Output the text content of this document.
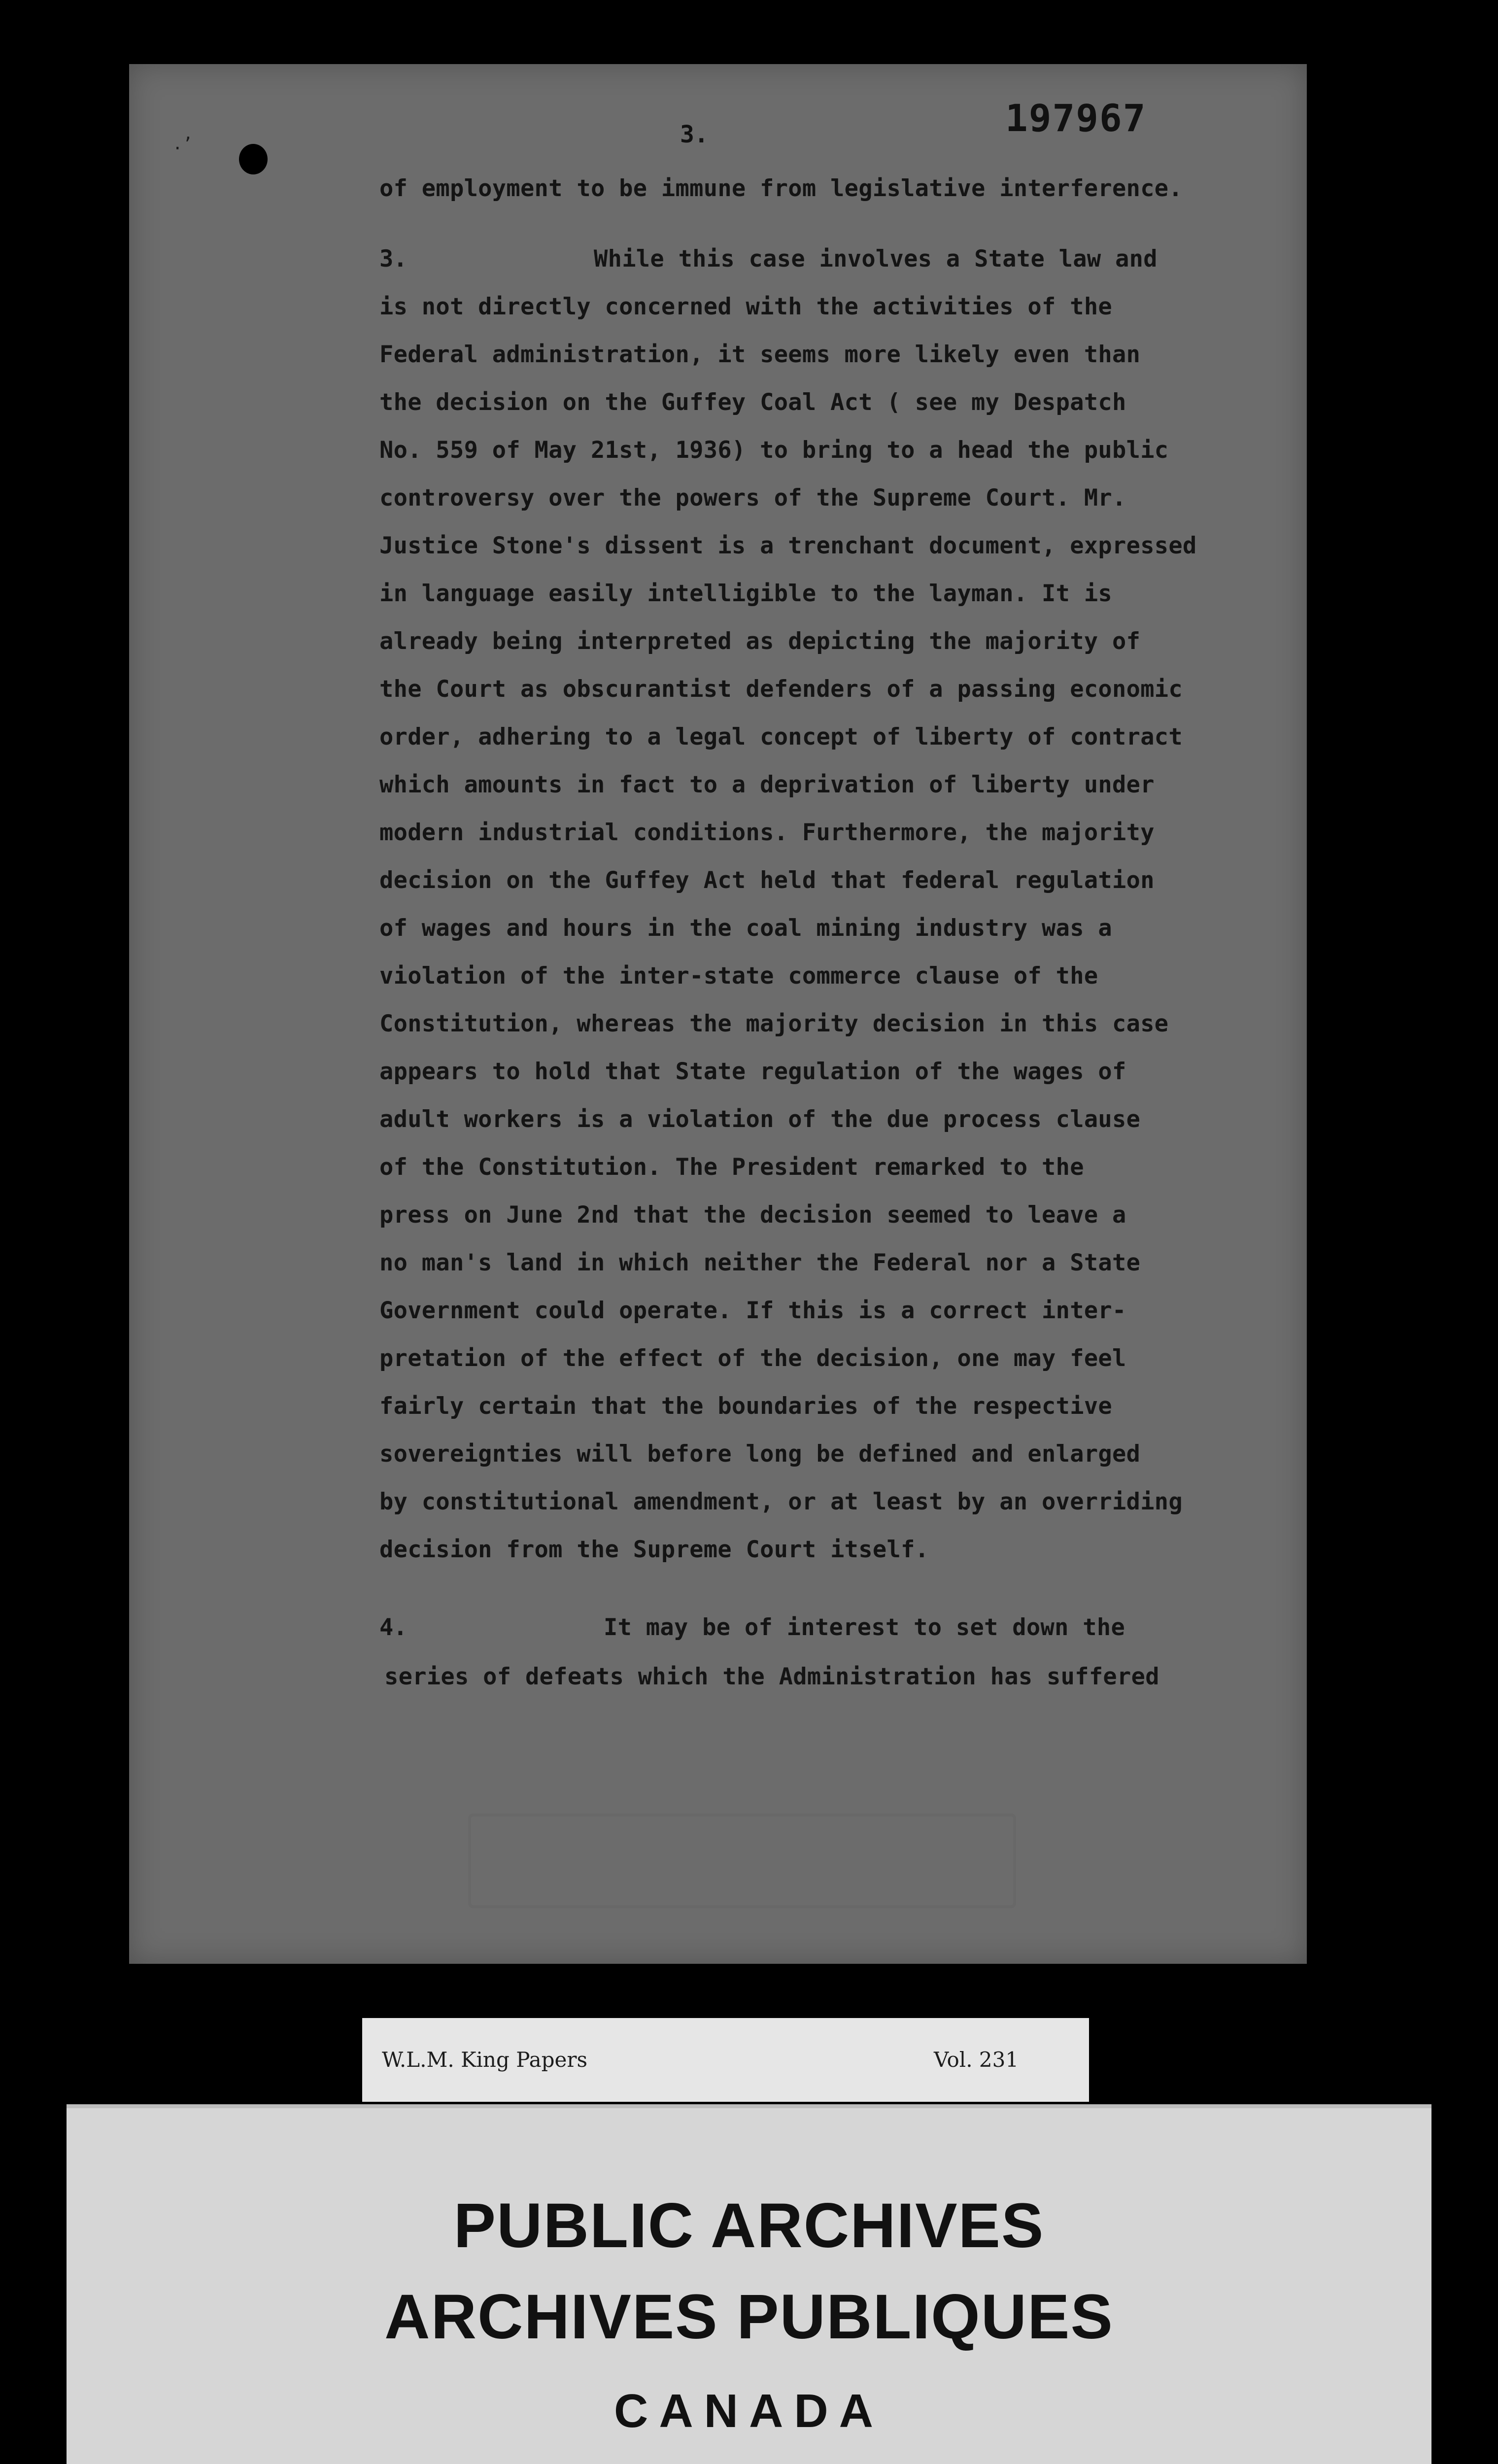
.ʼ	3.	197967
of employment to be immune from legislative interference.
3.	While this case involves a State law and
is not directly concerned with the activities of the
Federal administration, it seems more likely even than
the decision on the Guffey Coal Act ( see my Despatch
No. 559 of May 21st, 1936) to bring to a head the public
controversy over the powers of the Supreme Court. Mr.
Justice Stone's dissent is a trenchant document, expressed
in language easily intelligible to the layman. It is
already being interpreted as depicting the majority of
the Court as obscurantist defenders of a passing economic
order, adhering to a legal concept of liberty of contract
which amounts in fact to a deprivation of liberty under
modern industrial conditions. Furthermore, the majority
decision on the Guffey Act held that federal regulation
of wages and hours in the coal mining industry was a
violation of the inter-state commerce clause of the
Constitution, whereas the majority decision in this case
appears to hold that State regulation of the wages of
adult workers is a violation of the due process clause
of the Constitution. The President remarked to the
press on June 2nd that the decision seemed to leave a
no man's land in which neither the Federal nor a State
Government could operate. If this is a correct inter-
pretation of the effect of the decision, one may feel
fairly certain that the boundaries of the respective
sovereignties will before long be defined and enlarged
by constitutional amendment, or at least by an overriding
decision from the Supreme Court itself.
4.	It may be of interest to set down the
series of defeats which the Administration has suffered
W.L.M. King Papers	Vol. 231
PUBLIC ARCHIVES
ARCHIVES PUBLIQUES
CANADA
